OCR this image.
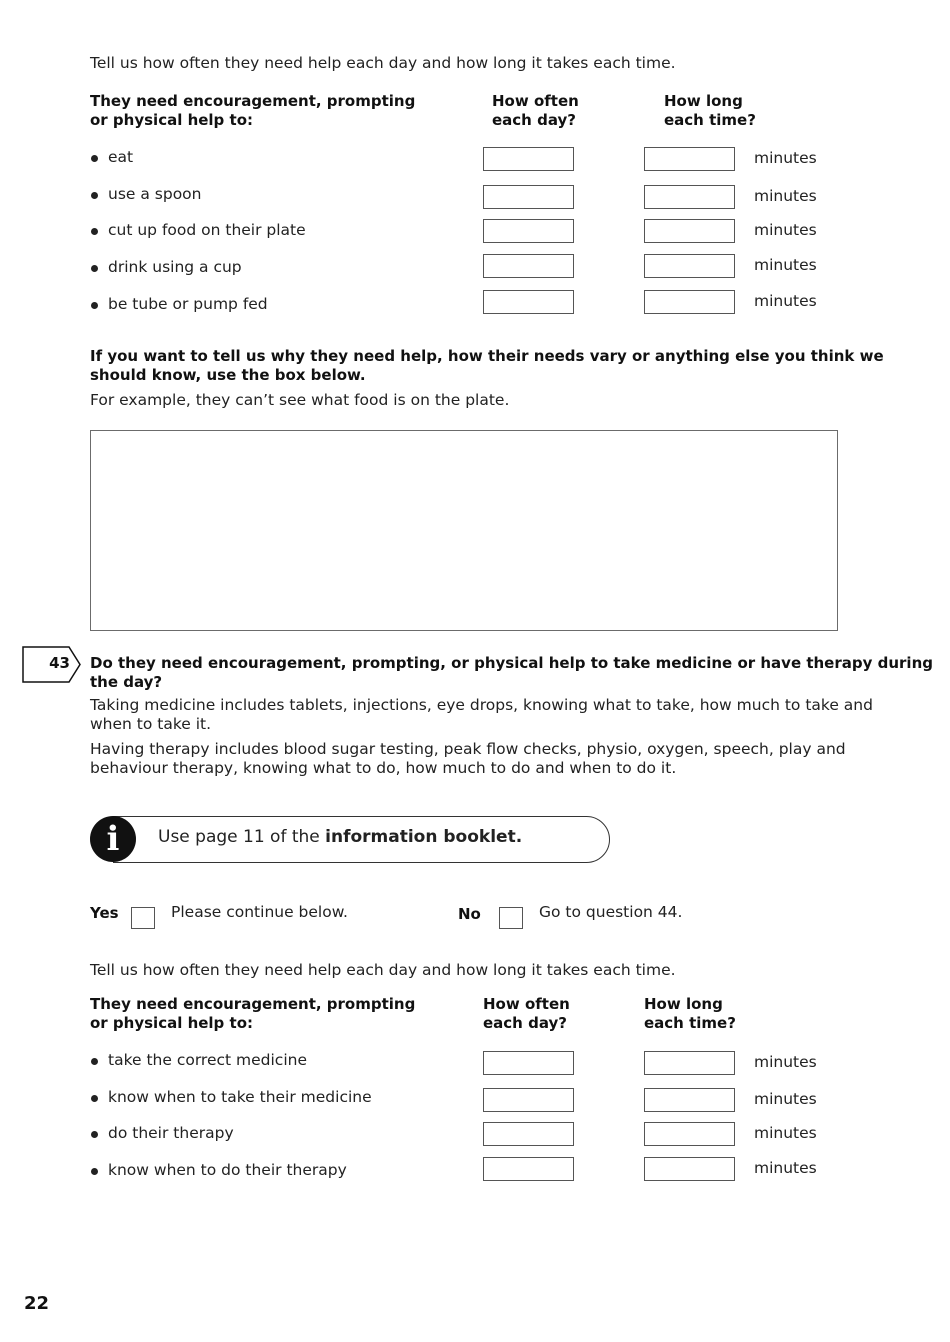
Tell us how often they need help each day and how long it takes each time.
They need encouragement, prompting
or physical help to:
How often
each day?
How long
each time?
eat	minutes
use a spoon	minutes
cut up food on their plate	minutes
drink using a cup	minutes
be tube or pump fed	minutes
If you want to tell us why they need help, how their needs vary or anything else you think we
should know, use the box below.
For example, they can’t see what food is on the plate.
43 Do they need encouragement, prompting, or physical help to take medicine or have therapy during
the day?
Taking medicine includes tablets, injections, eye drops, knowing what to take, how much to take and
when to take it.
Having therapy includes blood sugar testing, peak flow checks, physio, oxygen, speech, play and
behaviour therapy, knowing what to do, how much to do and when to do it.
i	Use page 11 of the information booklet.
Yes	Please continue below.	No	Go to question 44.
Tell us how often they need help each day and how long it takes each time.
They need encouragement, prompting
or physical help to:
How often
each day?
How long
each time?
take the correct medicine	minutes
know when to take their medicine	minutes
do their therapy	minutes
know when to do their therapy	minutes
22
